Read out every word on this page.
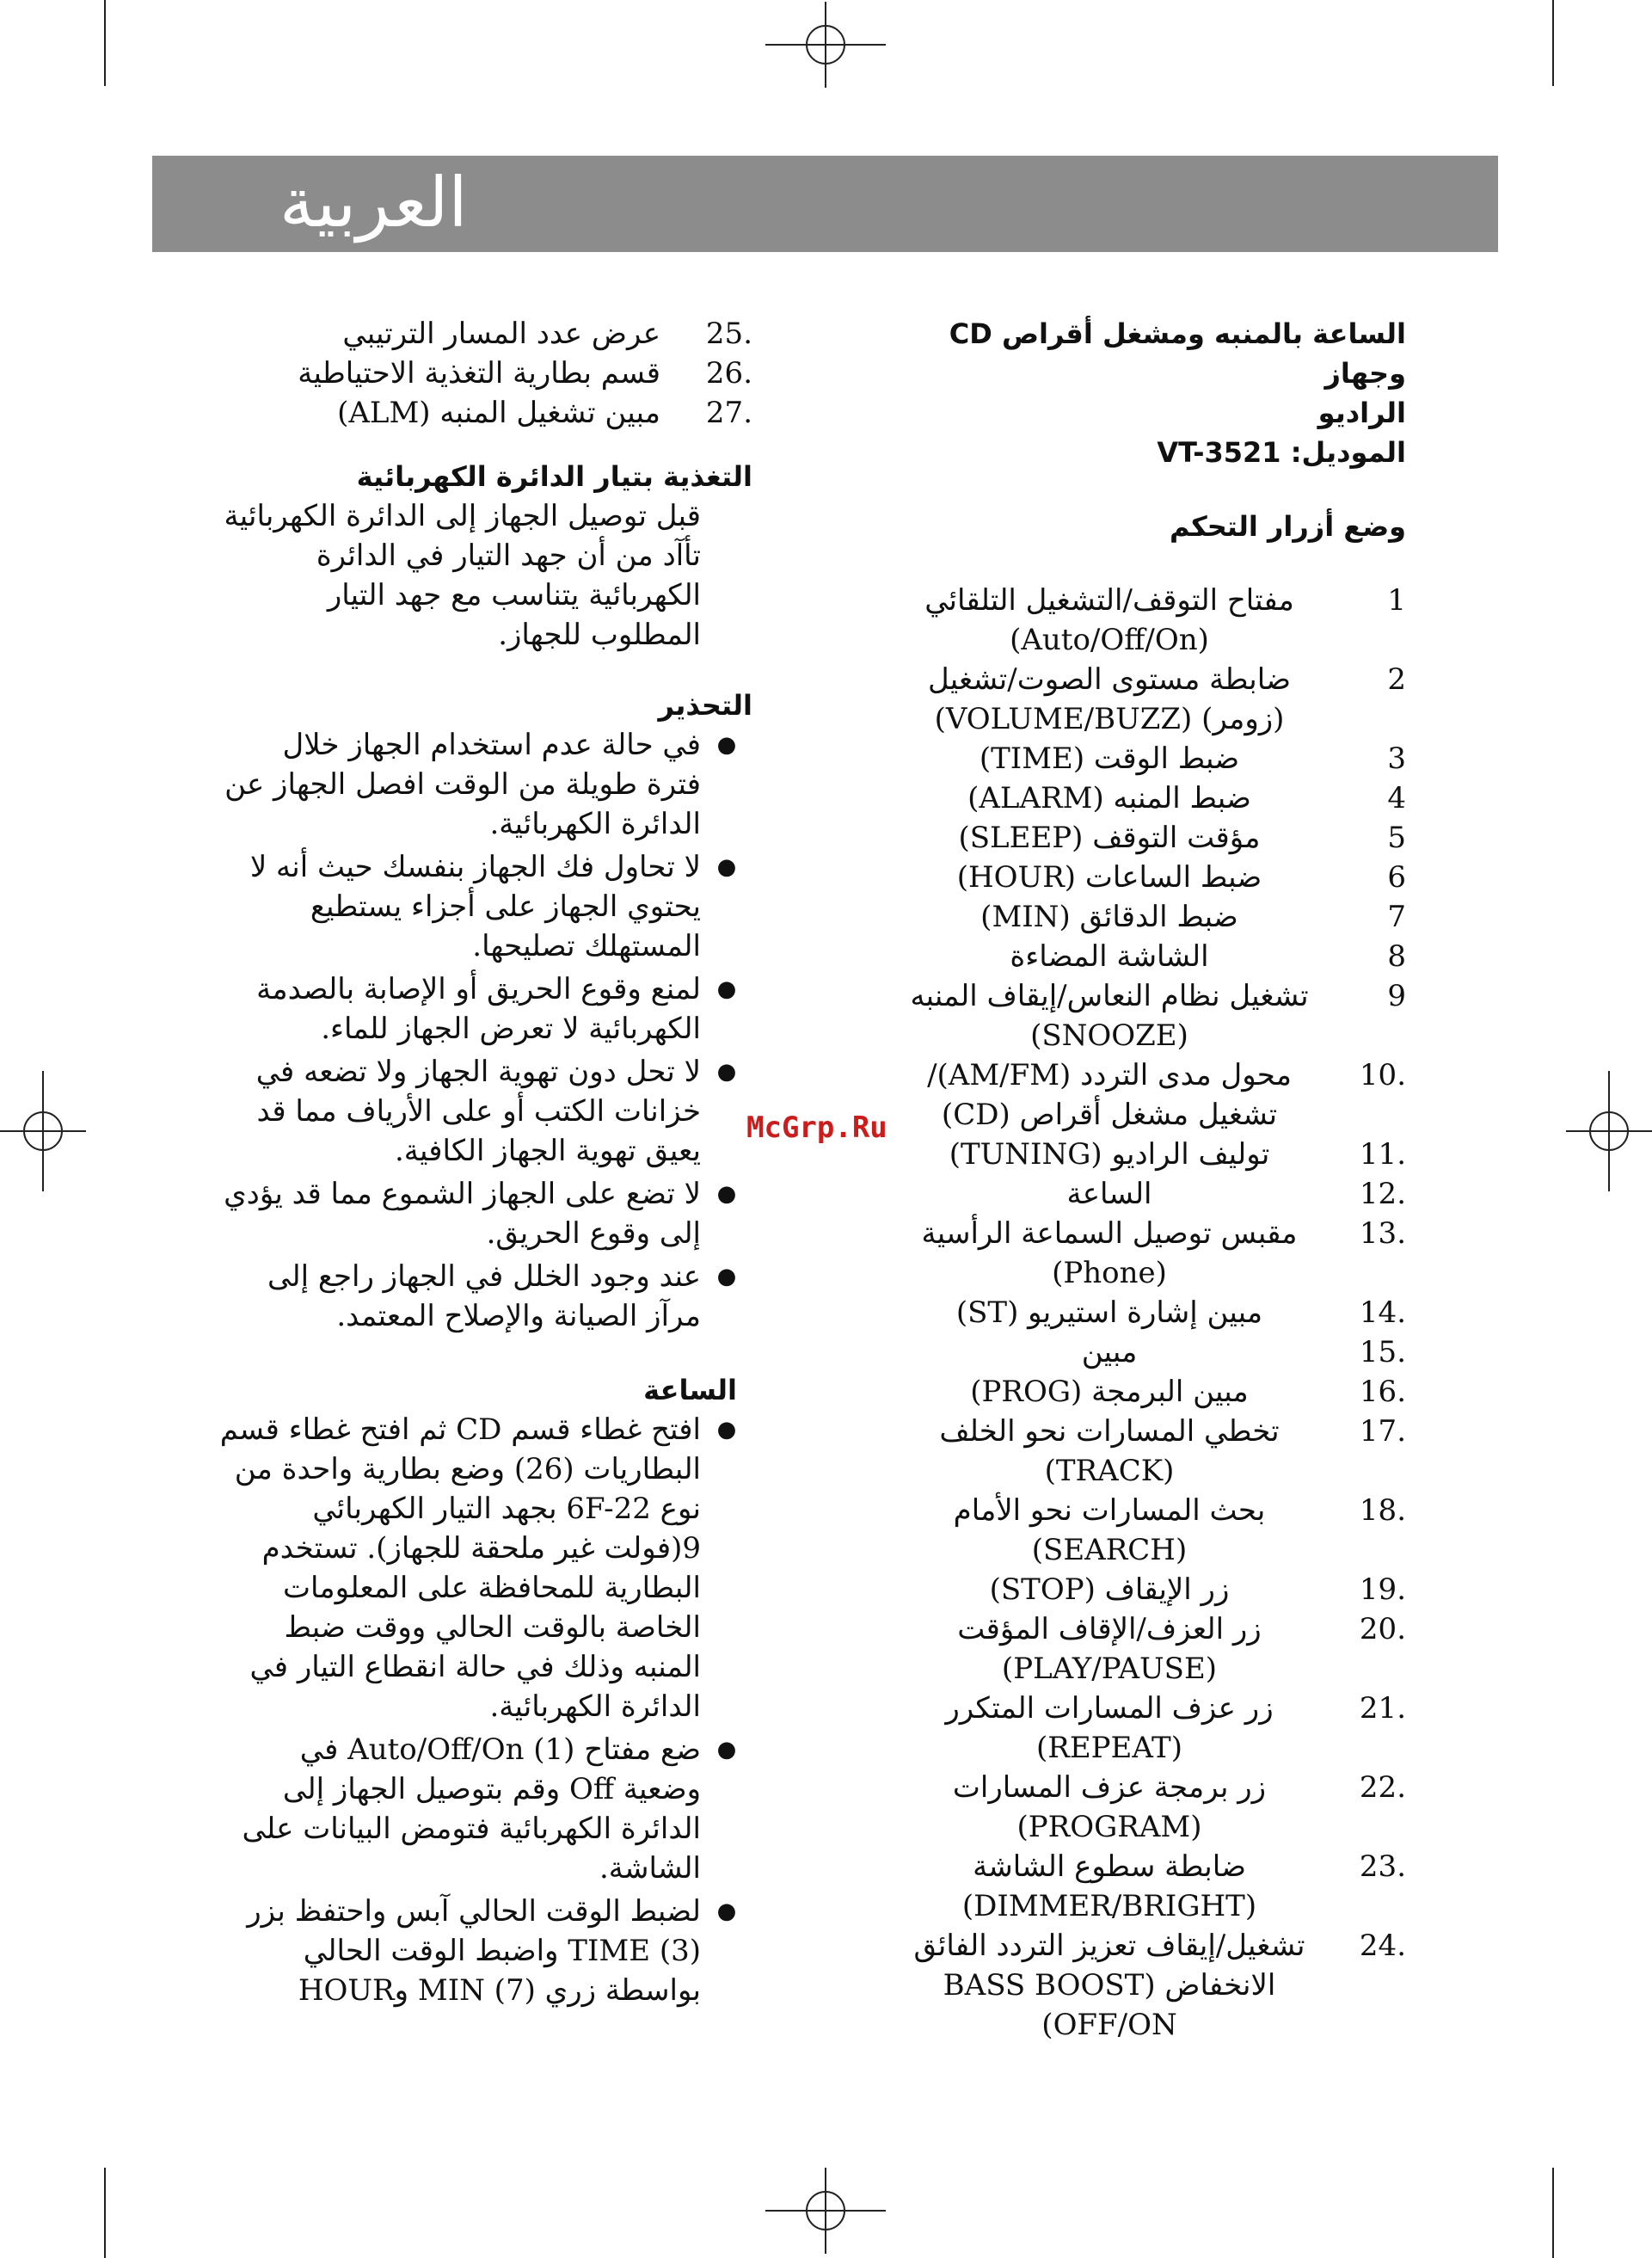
العربية
الساعة بالمنبه ومشغل أقراص CD وجهاز
الراديو
الموديل: VT-3521
وضع أزرار التحكم
1
مفتاح التوقف/التشغيل التلقائي (Auto/Off/On)
2
ضابطة مستوى الصوت/تشغيل (زومر) (VOLUME/BUZZ)
3
ضبط الوقت (TIME)
4
ضبط المنبه (ALARM)
5
مؤقت التوقف (SLEEP)
6
ضبط الساعات (HOUR)
7
ضبط الدقائق (MIN)
8
الشاشة المضاءة
9
تشغيل نظام النعاس/إيقاف المنبه (SNOOZE)
.10
محول مدى التردد (AM/FM)/تشغيل مشغل أقراص (CD)
.11
توليف الراديو (TUNING)
.12
الساعة
.13
مقبس توصيل السماعة الرأسية (Phone)
.14
مبين إشارة استيريو (ST)
.15
مبين
.16
مبين البرمجة (PROG)
.17
تخطي المسارات نحو الخلف (TRACK)
.18
بحث المسارات نحو الأمام (SEARCH)
.19
زر الإيقاف (STOP)
.20
زر العزف/الإقاف المؤقت (PLAY/PAUSE)
.21
زر عزف المسارات المتكرر (REPEAT)
.22
زر برمجة عزف المسارات (PROGRAM)
.23
ضابطة سطوع الشاشة (DIMMER/BRIGHT)
.24
تشغيل/إيقاف تعزيز التردد الفائق الانخفاض (BASS BOOST OFF/ON)
.25
عرض عدد المسار الترتيبي
.26
قسم بطارية التغذية الاحتياطية
.27
مبين تشغيل المنبه (ALM)
التغذية بتيار الدائرة الكهربائية

قبل توصيل الجهاز إلى الدائرة الكهربائية تأآد من أن جهد التيار في الدائرة الكهربائية يتناسب مع جهد التيار المطلوب للجهاز.

التحذير
●
في حالة عدم استخدام الجهاز خلال فترة طويلة من الوقت افصل الجهاز عن الدائرة الكهربائية.
●
لا تحاول فك الجهاز بنفسك حيث أنه لا يحتوي الجهاز على أجزاء يستطيع المستهلك تصليحها.
●
لمنع وقوع الحريق أو الإصابة بالصدمة الكهربائية لا تعرض الجهاز للماء.
●
لا تحل دون تهوية الجهاز ولا تضعه في خزانات الكتب أو على الأرياف مما قد يعيق تهوية الجهاز الكافية.
●
لا تضع على الجهاز الشموع مما قد يؤدي إلى وقوع الحريق.
●
عند وجود الخلل في الجهاز راجع إلى مرآز الصيانة والإصلاح المعتمد.
الساعة
●
افتح غطاء قسم CD ثم افتح غطاء قسم البطاريات (26) وضع بطارية واحدة من نوع 6F-22 بجهد التيار الكهربائي 9(فولت غير ملحقة للجهاز). تستخدم البطارية للمحافظة على المعلومات الخاصة بالوقت الحالي ووقت ضبط المنبه وذلك في حالة انقطاع التيار في الدائرة الكهربائية.
●
ضع مفتاح Auto/Off/On (1) في وضعية Off وقم بتوصيل الجهاز إلى الدائرة الكهربائية فتومض البيانات على الشاشة.
●
لضبط الوقت الحالي آبس واحتفظ بزر TIME (3) واضبط الوقت الحالي بواسطة زري MIN (7) وHOUR
McGrp.Ru
